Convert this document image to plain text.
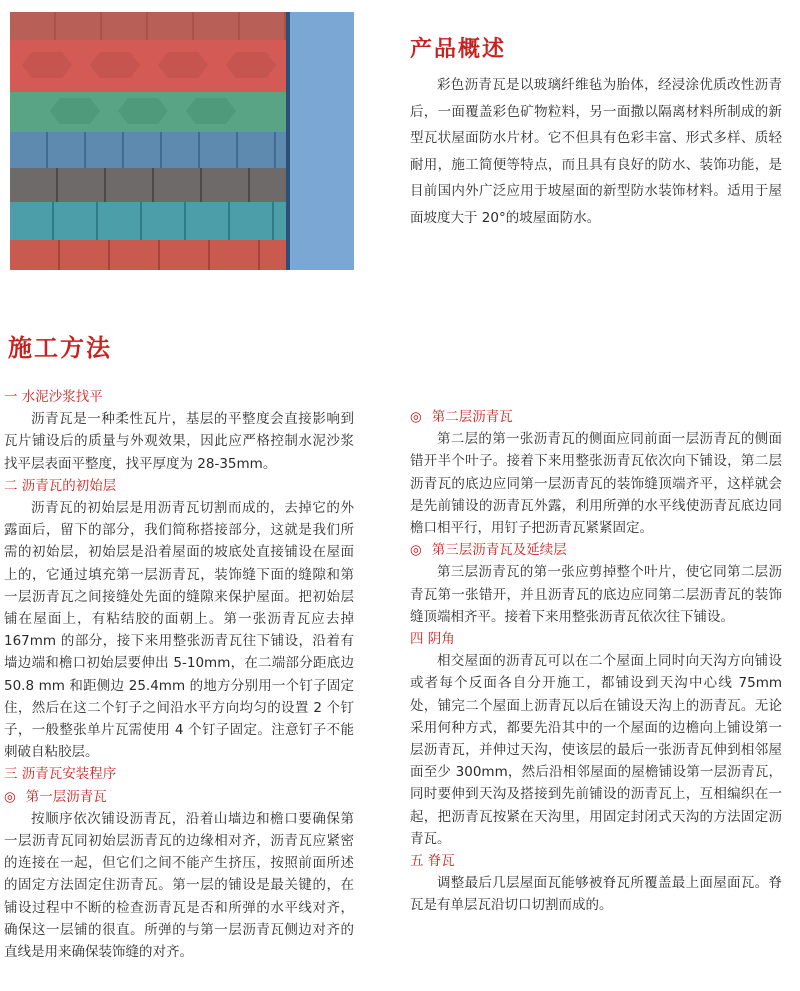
产品概述

彩色沥青瓦是以玻璃纤维毡为胎体，经浸涂优质改性沥青后，一面覆盖彩色矿物粒料，另一面撒以隔离材料所制成的新型瓦状屋面防水片材。它不但具有色彩丰富、形式多样、质轻耐用，施工简便等特点，而且具有良好的防水、装饰功能，是目前国内外广泛应用于坡屋面的新型防水装饰材料。适用于屋面坡度大于 20°的坡屋面防水。

施工方法
一 水泥沙浆找平

沥青瓦是一种柔性瓦片，基层的平整度会直接影响到瓦片铺设后的质量与外观效果，因此应严格控制水泥沙浆找平层表面平整度，找平厚度为 28-35mm。

二 沥青瓦的初始层

沥青瓦的初始层是用沥青瓦切割而成的，去掉它的外露面后，留下的部分，我们简称搭接部分，这就是我们所需的初始层，初始层是沿着屋面的坡底处直接铺设在屋面上的，它通过填充第一层沥青瓦，装饰缝下面的缝隙和第一层沥青瓦之间接缝处先面的缝隙来保护屋面。把初始层铺在屋面上，有粘结胶的面朝上。第一张沥青瓦应去掉 167mm 的部分，接下来用整张沥青瓦往下铺设，沿着有墙边端和檐口初始层要伸出 5-10mm，在二端部分距底边 50.8 mm 和距侧边 25.4mm 的地方分别用一个钉子固定住，然后在这二个钉子之间沿水平方向均匀的设置 2 个钉子，一般整张单片瓦需使用 4 个钉子固定。注意钉子不能刺破自粘胶层。

三 沥青瓦安装程序
◎ 第一层沥青瓦

按顺序依次铺设沥青瓦，沿着山墙边和檐口要确保第一层沥青瓦同初始层沥青瓦的边缘相对齐，沥青瓦应紧密的连接在一起，但它们之间不能产生挤压，按照前面所述的固定方法固定住沥青瓦。第一层的铺设是最关键的，在铺设过程中不断的检查沥青瓦是否和所弹的水平线对齐，确保这一层铺的很直。所弹的与第一层沥青瓦侧边对齐的直线是用来确保装饰缝的对齐。

◎ 第二层沥青瓦

第二层的第一张沥青瓦的侧面应同前面一层沥青瓦的侧面错开半个叶子。接着下来用整张沥青瓦依次向下铺设，第二层沥青瓦的底边应同第一层沥青瓦的装饰缝顶端齐平，这样就会是先前铺设的沥青瓦外露，利用所弹的水平线使沥青瓦底边同檐口相平行，用钉子把沥青瓦紧紧固定。

◎ 第三层沥青瓦及延续层

第三层沥青瓦的第一张应剪掉整个叶片，使它同第二层沥青瓦第一张错开，并且沥青瓦的底边应同第二层沥青瓦的装饰缝顶端相齐平。接着下来用整张沥青瓦依次往下铺设。

四 阴角

相交屋面的沥青瓦可以在二个屋面上同时向天沟方向铺设或者每个反面各自分开施工，都铺设到天沟中心线 75mm 处，铺完二个屋面上沥青瓦以后在铺设天沟上的沥青瓦。无论采用何种方式，都要先沿其中的一个屋面的边檐向上铺设第一层沥青瓦，并伸过天沟，使该层的最后一张沥青瓦伸到相邻屋面至少 300mm，然后沿相邻屋面的屋檐铺设第一层沥青瓦，同时要伸到天沟及搭接到先前铺设的沥青瓦上，互相编织在一起，把沥青瓦按紧在天沟里，用固定封闭式天沟的方法固定沥青瓦。

五 脊瓦

调整最后几层屋面瓦能够被脊瓦所覆盖最上面屋面瓦。脊瓦是有单层瓦沿切口切割而成的。
